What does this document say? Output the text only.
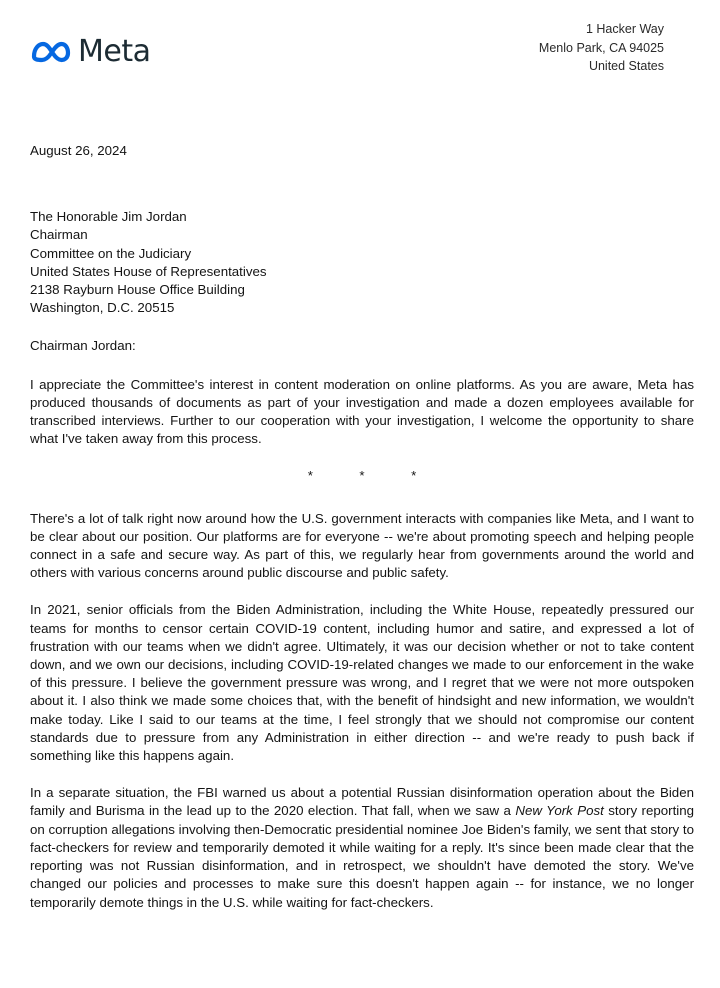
Meta
1 Hacker Way
Menlo Park, CA 94025
United States
August 26, 2024
The Honorable Jim Jordan
Chairman
Committee on the Judiciary
United States House of Representatives
2138 Rayburn House Office Building
Washington, D.C. 20515
Chairman Jordan:

I appreciate the Committee's interest in content moderation on online platforms. As you are aware, Meta has produced thousands of documents as part of your investigation and made a dozen employees available for transcribed interviews. Further to our cooperation with your investigation, I welcome the opportunity to share what I've taken away from this process.

*	*	*

There's a lot of talk right now around how the U.S. government interacts with companies like Meta, and I want to be clear about our position. Our platforms are for everyone -- we're about promoting speech and helping people connect in a safe and secure way. As part of this, we regularly hear from governments around the world and others with various concerns around public discourse and public safety.

In 2021, senior officials from the Biden Administration, including the White House, repeatedly pressured our teams for months to censor certain COVID-19 content, including humor and satire, and expressed a lot of frustration with our teams when we didn't agree. Ultimately, it was our decision whether or not to take content down, and we own our decisions, including COVID-19-related changes we made to our enforcement in the wake of this pressure. I believe the government pressure was wrong, and I regret that we were not more outspoken about it. I also think we made some choices that, with the benefit of hindsight and new information, we wouldn't make today. Like I said to our teams at the time, I feel strongly that we should not compromise our content standards due to pressure from any Administration in either direction -- and we're ready to push back if something like this happens again.

In a separate situation, the FBI warned us about a potential Russian disinformation operation about the Biden family and Burisma in the lead up to the 2020 election. That fall, when we saw a New York Post story reporting on corruption allegations involving then-Democratic presidential nominee Joe Biden's family, we sent that story to fact-checkers for review and temporarily demoted it while waiting for a reply. It's since been made clear that the reporting was not Russian disinformation, and in retrospect, we shouldn't have demoted the story. We've changed our policies and processes to make sure this doesn't happen again -- for instance, we no longer temporarily demote things in the U.S. while waiting for fact-checkers.
